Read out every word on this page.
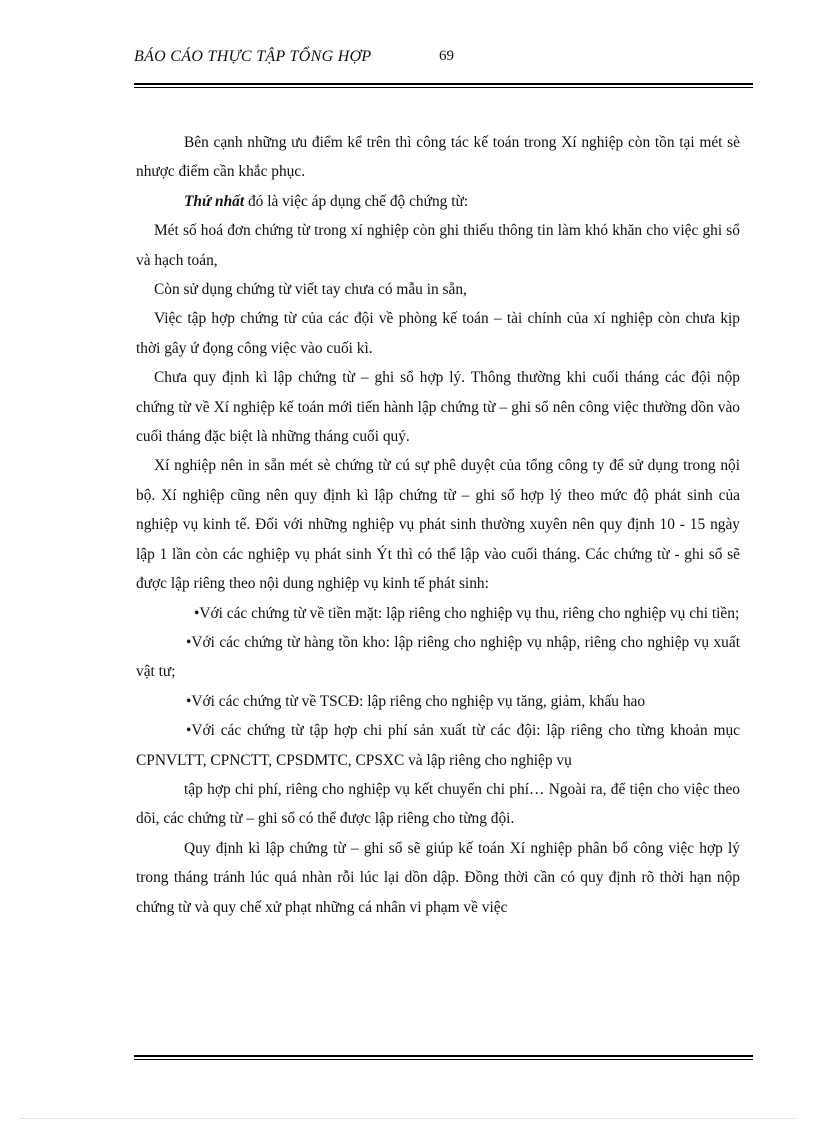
BÁO CÁO THỰC TẬP TỔNG HỢP	69

Bên cạnh những ưu điểm kể trên thì công tác kế toán trong Xí nghiệp còn tồn tại mét sè nhược điểm cần khắc phục.

Thứ nhất đó là việc áp dụng chế độ chứng từ:

Mét số hoá đơn chứng từ trong xí nghiệp còn ghi thiếu thông tin làm khó khăn cho việc ghi sổ và hạch toán,

Còn sử dụng chứng từ viết tay chưa có mẫu in sẵn,

Việc tập hợp chứng từ của các đội về phòng kế toán – tài chính của xí nghiệp còn chưa kịp thời gây ứ đọng công việc vào cuối kì.

Chưa quy định kì lập chứng từ – ghi sổ hợp lý. Thông thường khi cuối tháng các đội nộp chứng từ về Xí nghiệp kế toán mới tiến hành lập chứng từ – ghi sổ nên công việc thường dồn vào cuối tháng đặc biệt là những tháng cuối quý.

Xí nghiệp nên in sẵn mét sè chứng từ cú sự phê duyệt của tổng công ty để sử dụng trong nội bộ. Xí nghiệp cũng nên quy định kì lập chứng từ – ghi sổ hợp lý theo mức độ phát sinh của nghiệp vụ kinh tế. Đối với những nghiệp vụ phát sinh thường xuyên nên quy định 10 - 15 ngày lập 1 lần còn các nghiệp vụ phát sinh Ýt thì có thể lập vào cuối tháng. Các chứng từ - ghi sổ sẽ được lập riêng theo nội dung nghiệp vụ kinh tế phát sinh:

•Với các chứng từ về tiền mặt: lập riêng cho nghiệp vụ thu, riêng cho nghiệp vụ chi tiền;

•Với các chứng từ hàng tồn kho: lập riêng cho nghiệp vụ nhập, riêng cho nghiệp vụ xuất vật tư;

•Với các chứng từ về TSCĐ: lập riêng cho nghiệp vụ tăng, giảm, khấu hao

•Với các chứng từ tập hợp chi phí sản xuất từ các đội: lập riêng cho từng khoản mục CPNVLTT, CPNCTT, CPSDMTC, CPSXC và lập riêng cho nghiệp vụ

tập hợp chi phí, riêng cho nghiệp vụ kết chuyển chi phí… Ngoài ra, để tiện cho việc theo dõi, các chứng từ – ghi sổ có thể được lập riêng cho từng đội.

Quy định kì lập chứng từ – ghi sổ sẽ giúp kế toán Xí nghiệp phân bổ công việc hợp lý trong tháng tránh lúc quá nhàn rỗi lúc lại dồn dập. Đồng thời cần có quy định rõ thời hạn nộp chứng từ và quy chế xử phạt những cá nhân vi phạm về việc
